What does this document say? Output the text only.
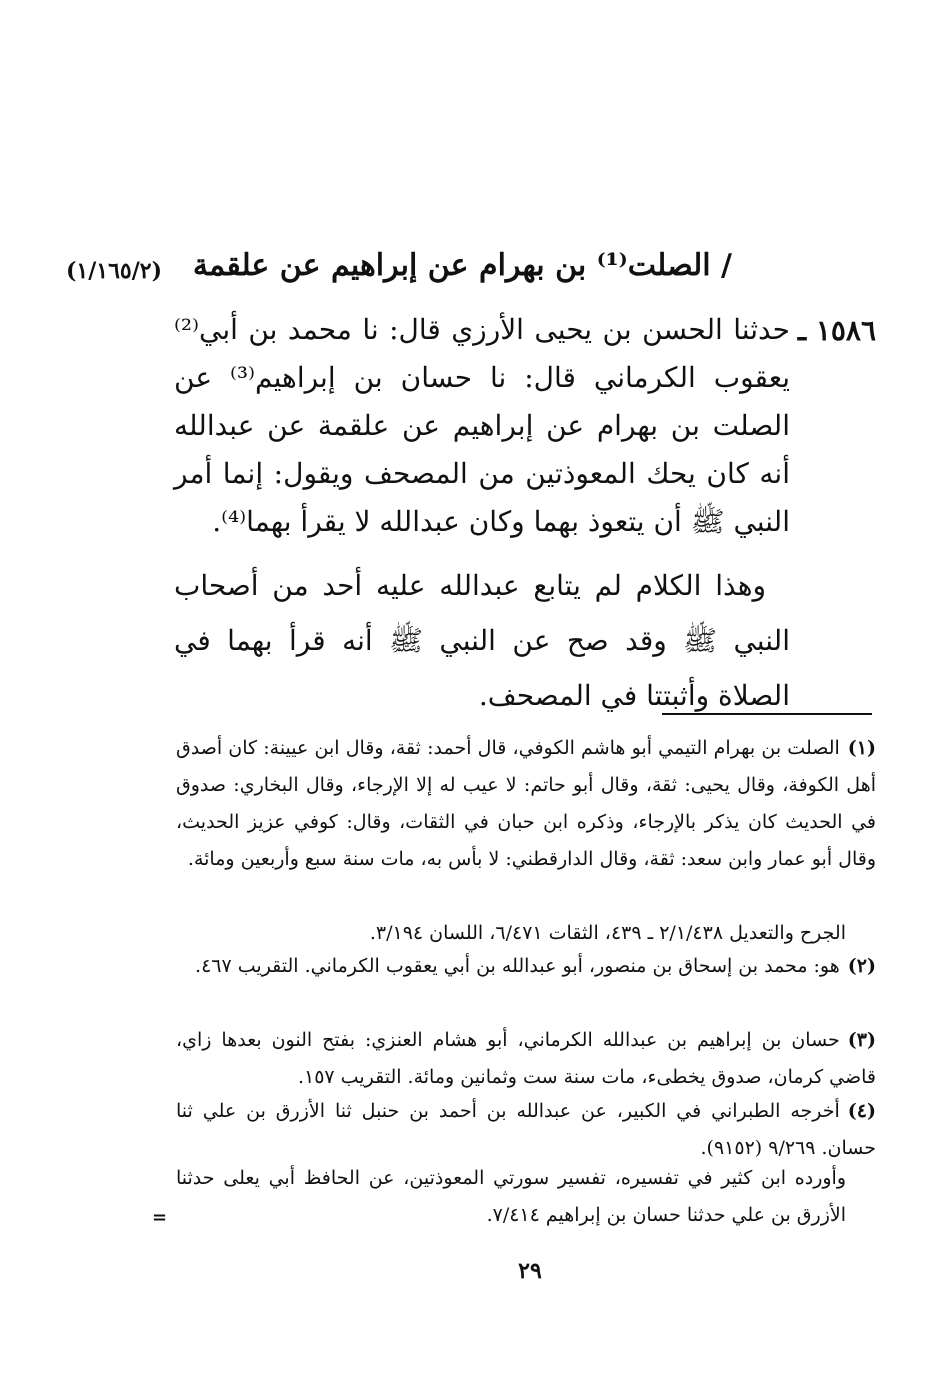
/ الصلت⁽¹⁾ بن بهرام عن إبراهيم عن علقمة
(١/١٦٥/٢)
١٥٨٦ ـ
حدثنا الحسن بن يحيى الأرزي قال: نا محمد بن أبي⁽²⁾ يعقوب الكرماني قال: نا حسان بن إبراهيم⁽³⁾ عن الصلت بن بهرام عن إبراهيم عن علقمة عن عبدالله أنه كان يحك المعوذتين من المصحف ويقول: إنما أمر النبي ﷺ أن يتعوذ بهما وكان عبدالله لا يقرأ بهما⁽⁴⁾.
وهذا الكلام لم يتابع عبدالله عليه أحد من أصحاب النبي ﷺ وقد صح عن النبي ﷺ أنه قرأ بهما في الصلاة وأثبتتا في المصحف.
(١)الصلت بن بهرام التيمي أبو هاشم الكوفي، قال أحمد: ثقة، وقال ابن عيينة: كان أصدق أهل الكوفة، وقال يحيى: ثقة، وقال أبو حاتم: لا عيب له إلا الإرجاء، وقال البخاري: صدوق في الحديث كان يذكر بالإرجاء، وذكره ابن حبان في الثقات، وقال: كوفي عزيز الحديث، وقال أبو عمار وابن سعد: ثقة، وقال الدارقطني: لا بأس به، مات سنة سبع وأربعين ومائة.
الجرح والتعديل ٢/١/٤٣٨ ـ ٤٣٩، الثقات ٦/٤٧١، اللسان ٣/١٩٤.
(٢)هو: محمد بن إسحاق بن منصور، أبو عبدالله بن أبي يعقوب الكرماني. التقريب ٤٦٧.
(٣)حسان بن إبراهيم بن عبدالله الكرماني، أبو هشام العنزي: بفتح النون بعدها زاي، قاضي كرمان، صدوق يخطىء، مات سنة ست وثمانين ومائة. التقريب ١٥٧.
(٤)أخرجه الطبراني في الكبير، عن عبدالله بن أحمد بن حنبل ثنا الأزرق بن علي ثنا حسان. ٩/٢٦٩ (٩١٥٢).
وأورده ابن كثير في تفسيره، تفسير سورتي المعوذتين، عن الحافظ أبي يعلى حدثنا الأزرق بن علي حدثنا حسان بن إبراهيم ٧/٤١٤.
=
٢٩
